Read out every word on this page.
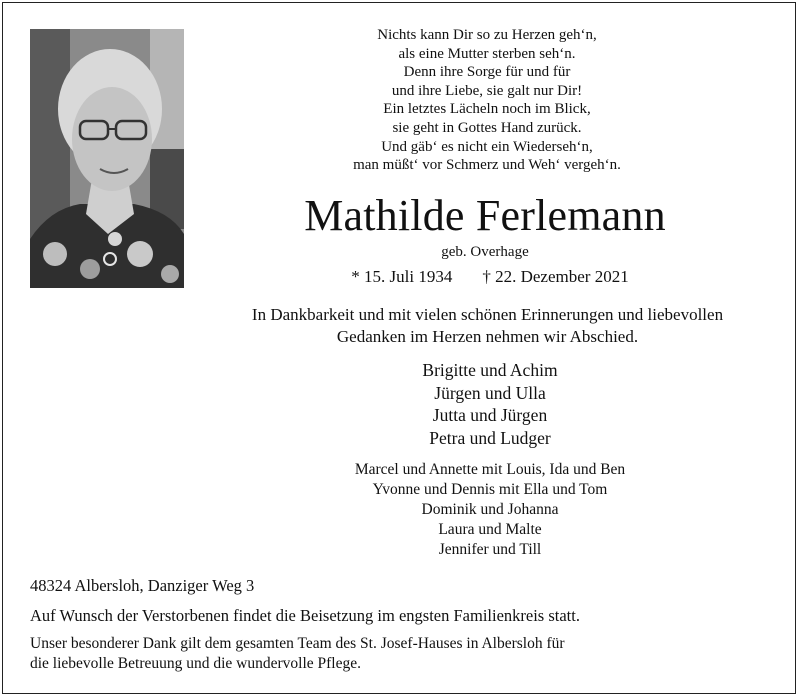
Nichts kann Dir so zu Herzen geh‘n,
als eine Mutter sterben seh‘n.
Denn ihre Sorge für und für
und ihre Liebe, sie galt nur Dir!
Ein letztes Lächeln noch im Blick,
sie geht in Gottes Hand zurück.
Und gäb‘ es nicht ein Wiederseh‘n,
man müßt‘ vor Schmerz und Weh‘ vergeh‘n.
Mathilde Ferlemann
geb. Overhage
* 15. Juli 1934 † 22. Dezember 2021
In Dankbarkeit und mit vielen schönen Erinnerungen und liebevollen
Gedanken im Herzen nehmen wir Abschied.
Brigitte und Achim
Jürgen und Ulla
Jutta und Jürgen
Petra und Ludger
Marcel und Annette mit Louis, Ida und Ben
Yvonne und Dennis mit Ella und Tom
Dominik und Johanna
Laura und Malte
Jennifer und Till
48324 Albersloh, Danziger Weg 3
Auf Wunsch der Verstorbenen findet die Beisetzung im engsten Familienkreis statt.
Unser besonderer Dank gilt dem gesamten Team des St. Josef-Hauses in Albersloh für
die liebevolle Betreuung und die wundervolle Pflege.
